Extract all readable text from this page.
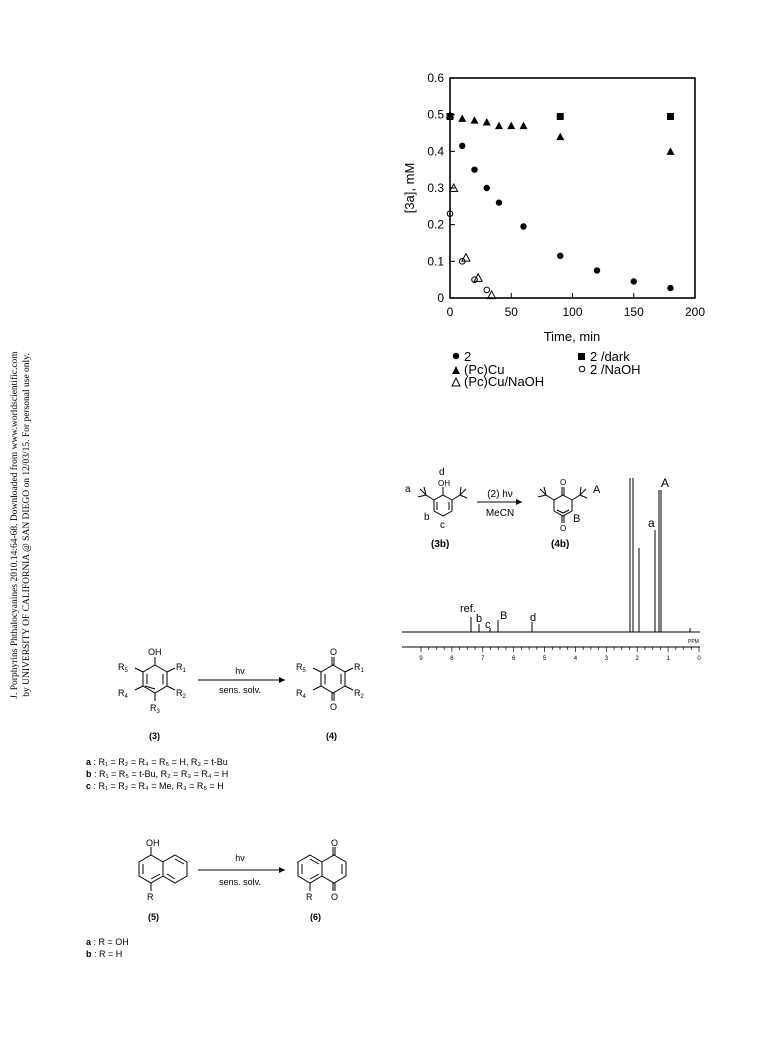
J. Porphyrins Phthalocyanines 2010.14:64-68. Downloaded from www.worldscientific.com by UNIVERSITY OF CALIFORNIA @ SAN DIEGO on 12/03/15. For personal use only.
0
0.1
0.2
0.3
0.4
0.5
0.6
0	50	100	150	200
Time, min
[3a], mM
2
(Pc)Cu
(Pc)Cu/NaOH
2 /dark
2 /NaOH
OH
d
a
b
c
(3b)
(2) hν
MeCN
O
O
A
B
(4b)
9	8	7	6	5	4	3	2	1	0
ref.
b c
B d
a
A
PPM
OH
$R_5$	$R_1$
$R_4$	$R_2$
$R_3$
(3)
hν
sens. solv.
O
O
$R_5$	$R_1$
$R_4$	$R_2$
(4)
a : R₁ = R₂ = R₄ = R₅ = H, R₃ = t-Bu
b : R₁ = R₅ = t-Bu, R₂ = R₃ = R₄ = H
c : R₁ = R₂ = R₄ = Me, R₃ = R₅ = H
OH
R
(5)
hν
sens. solv.
O
O
R
(6)
a : R = OH
b : R = H
